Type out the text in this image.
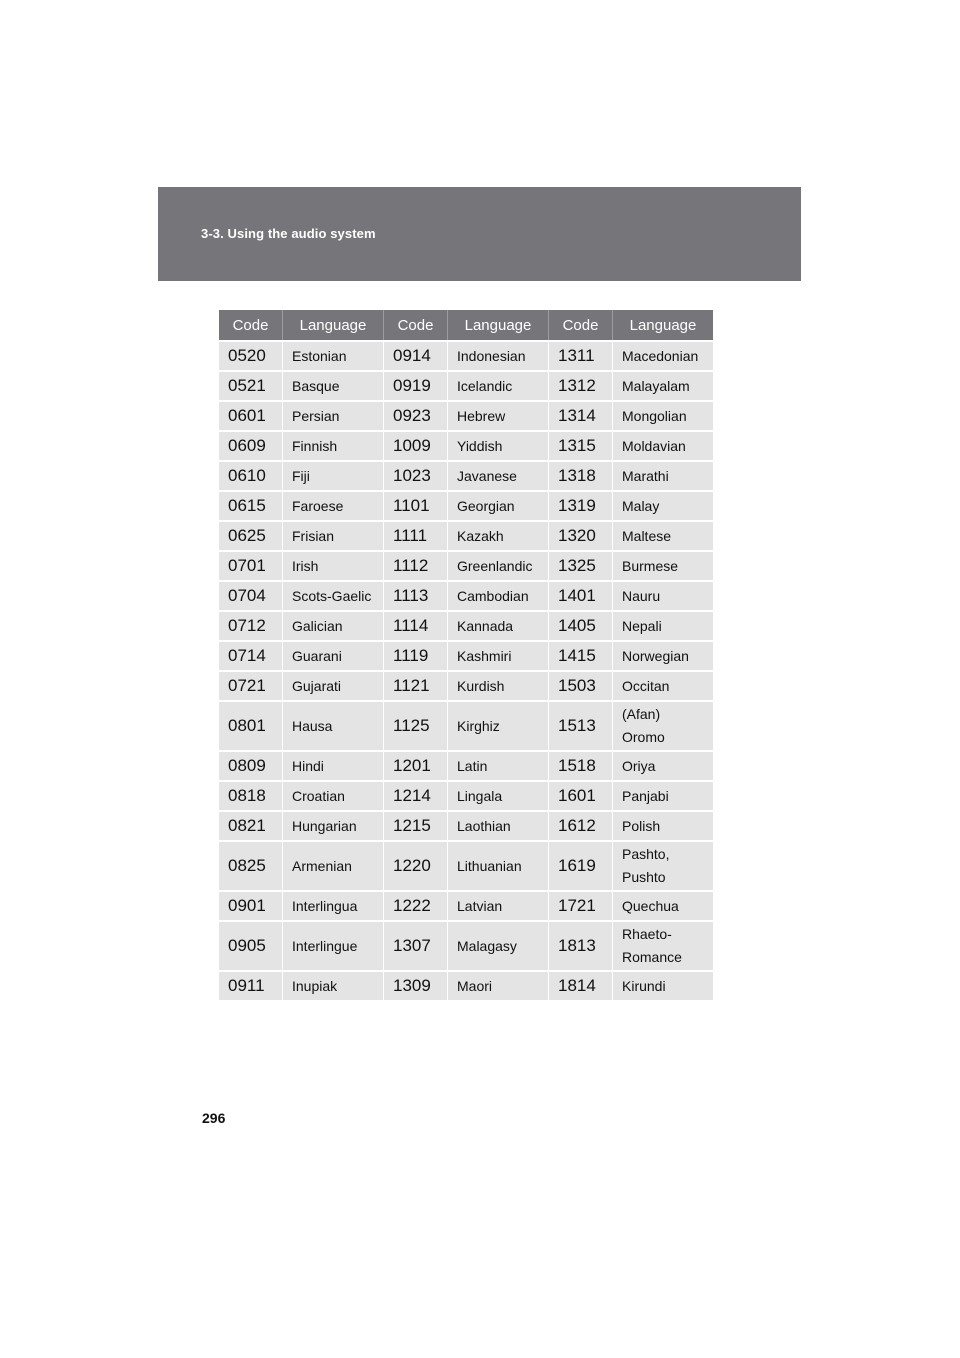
3-3. Using the audio system
Code	Language	Code	Language	Code	Language
0520	Estonian	0914	Indonesian	1311	Macedonian
0521	Basque	0919	Icelandic	1312	Malayalam
0601	Persian	0923	Hebrew	1314	Mongolian
0609	Finnish	1009	Yiddish	1315	Moldavian
0610	Fiji	1023	Javanese	1318	Marathi
0615	Faroese	1101	Georgian	1319	Malay
0625	Frisian	1111	Kazakh	1320	Maltese
0701	Irish	1112	Greenlandic	1325	Burmese
0704	Scots-Gaelic	1113	Cambodian	1401	Nauru
0712	Galician	1114	Kannada	1405	Nepali
0714	Guarani	1119	Kashmiri	1415	Norwegian
0721	Gujarati	1121	Kurdish	1503	Occitan
0801	Hausa	1125	Kirghiz	1513	(Afan)
Oromo
0809	Hindi	1201	Latin	1518	Oriya
0818	Croatian	1214	Lingala	1601	Panjabi
0821	Hungarian	1215	Laothian	1612	Polish
0825	Armenian	1220	Lithuanian	1619	Pashto,
Pushto
0901	Interlingua	1222	Latvian	1721	Quechua
0905	Interlingue	1307	Malagasy	1813	Rhaeto-
Romance
0911	Inupiak	1309	Maori	1814	Kirundi
296
